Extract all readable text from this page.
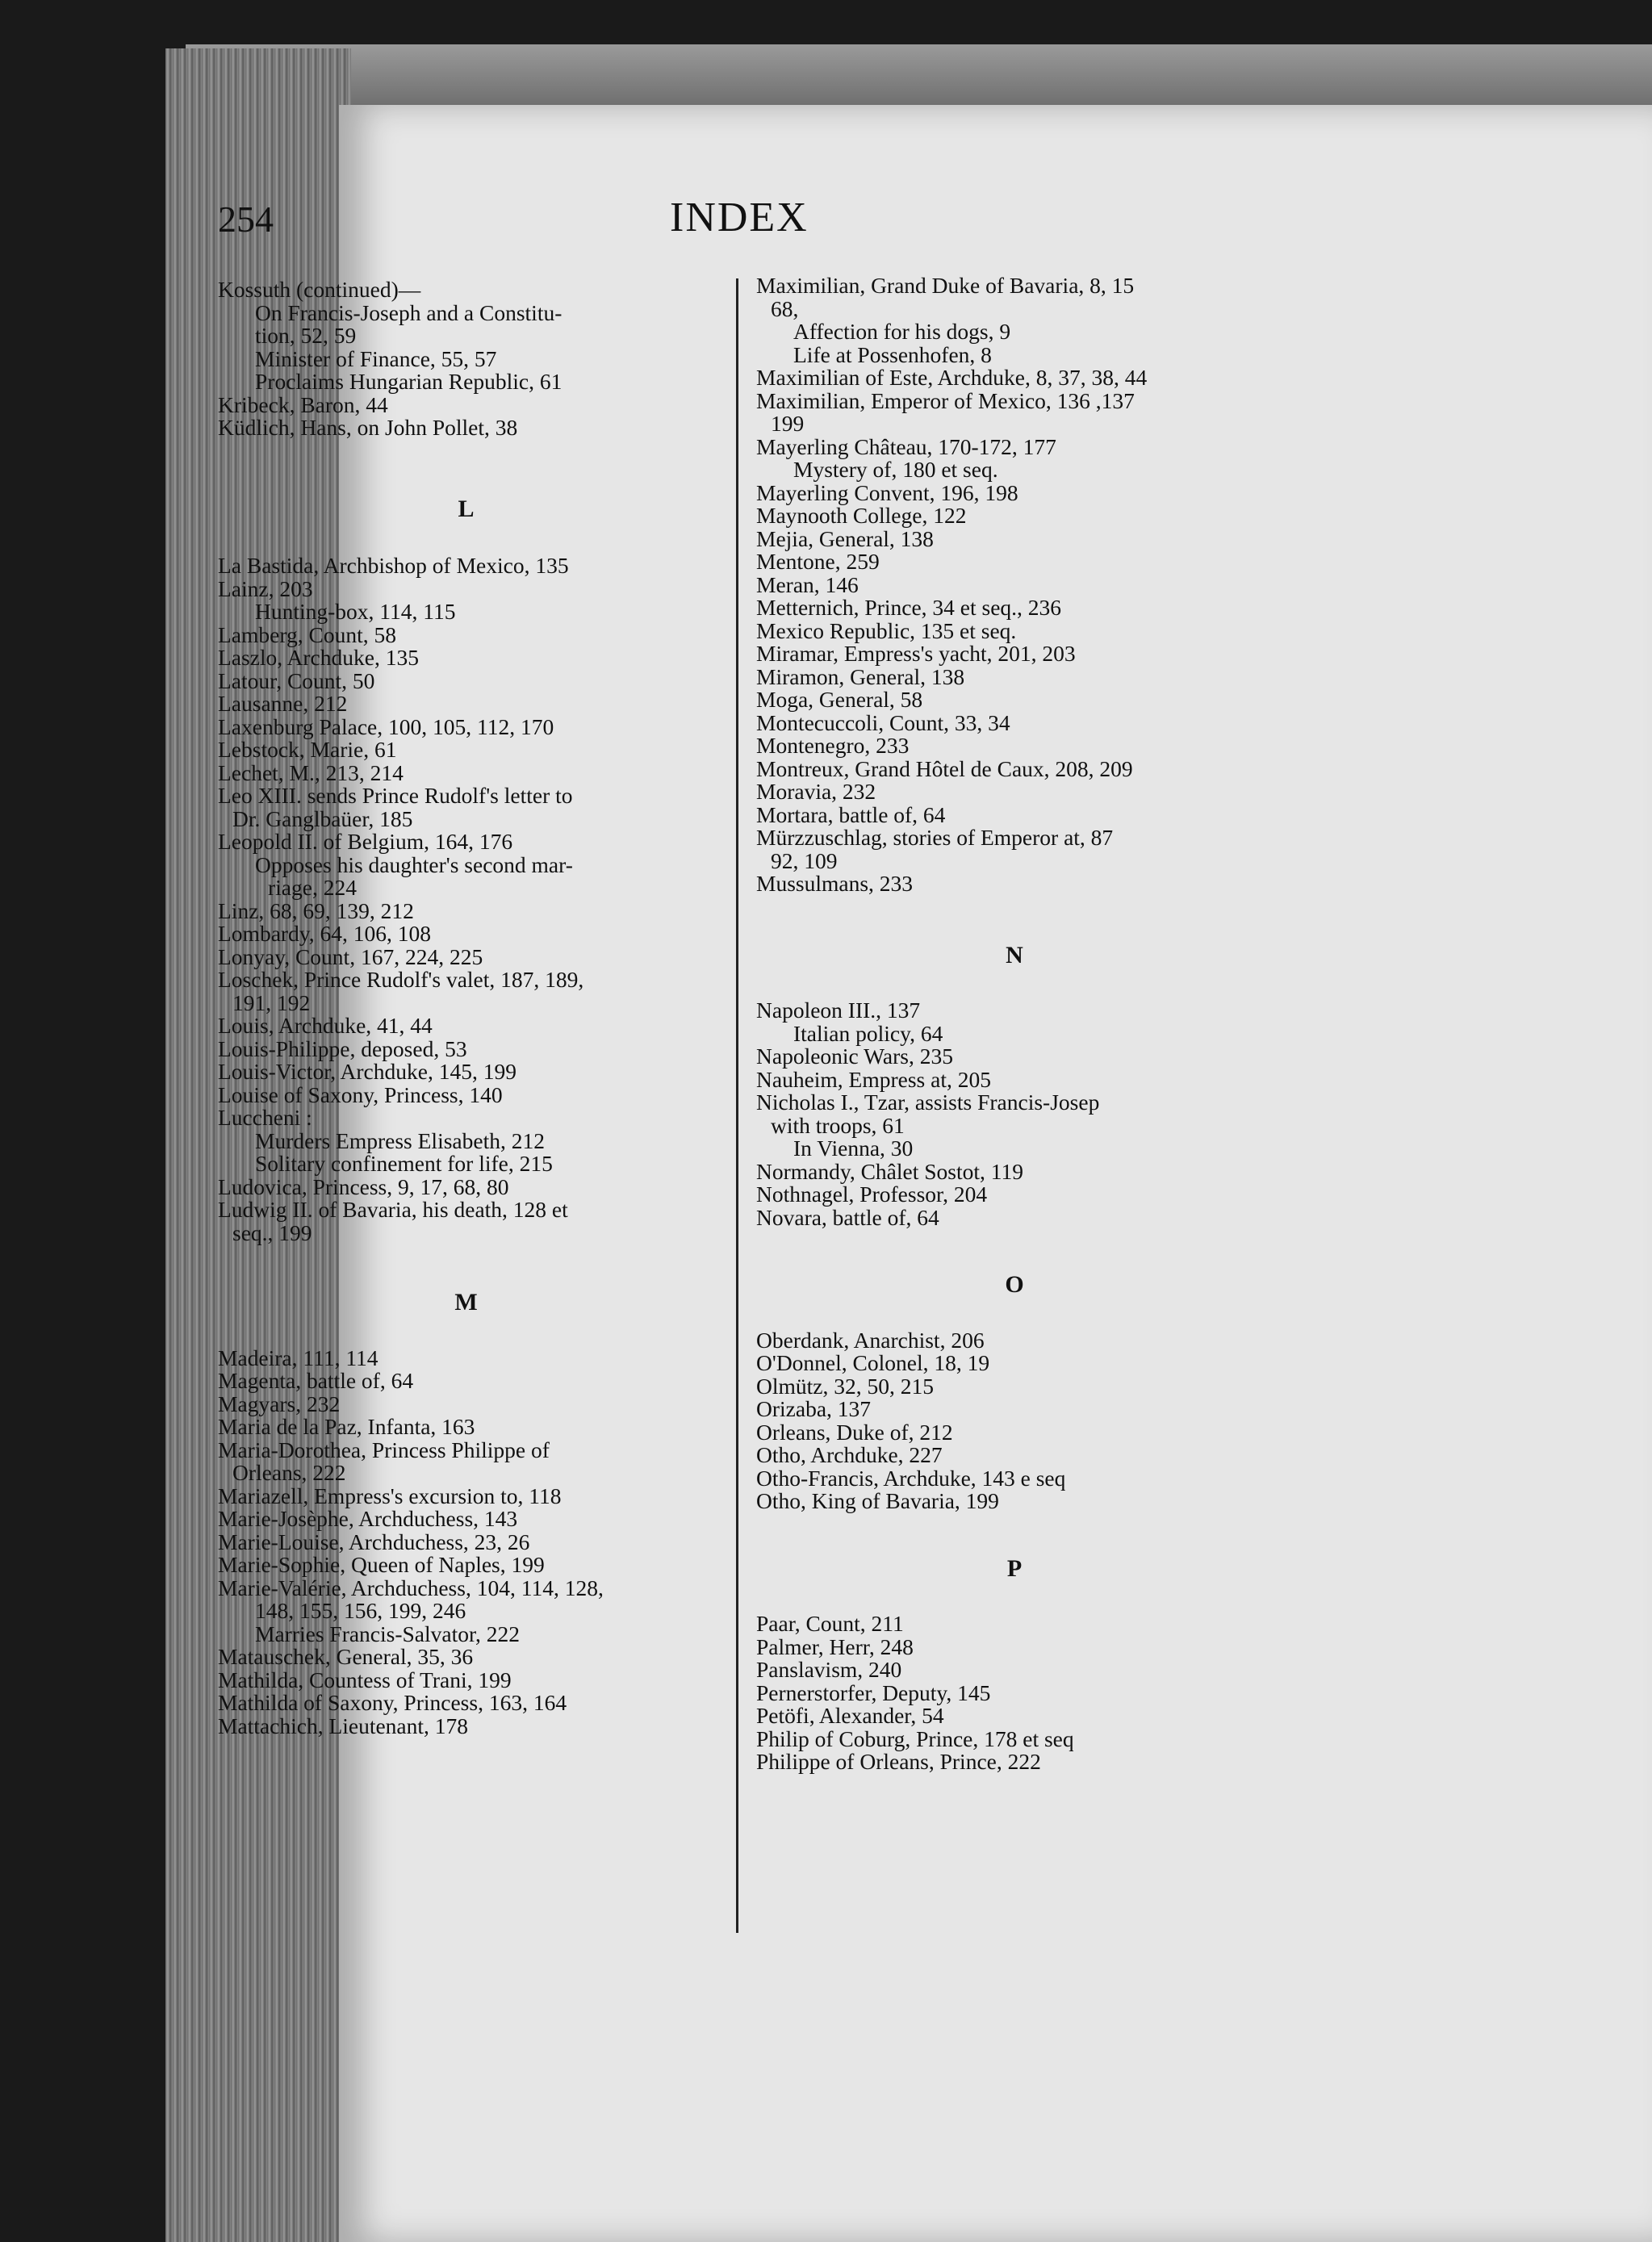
254	INDEX

Kossuth (continued)—

On Francis-Joseph and a Constitu-

tion, 52, 59

Minister of Finance, 55, 57

Proclaims Hungarian Republic, 61

Kribeck, Baron, 44

Küdlich, Hans, on John Pollet, 38

L

La Bastida, Archbishop of Mexico, 135

Lainz, 203

Hunting-box, 114, 115

Lamberg, Count, 58

Laszlo, Archduke, 135

Latour, Count, 50

Lausanne, 212

Laxenburg Palace, 100, 105, 112, 170

Lebstock, Marie, 61

Lechet, M., 213, 214

Leo XIII. sends Prince Rudolf's letter to

Dr. Ganglbaüer, 185

Leopold II. of Belgium, 164, 176

Opposes his daughter's second mar-

riage, 224

Linz, 68, 69, 139, 212

Lombardy, 64, 106, 108

Lonyay, Count, 167, 224, 225

Loschek, Prince Rudolf's valet, 187, 189,

191, 192

Louis, Archduke, 41, 44

Louis-Philippe, deposed, 53

Louis-Victor, Archduke, 145, 199

Louise of Saxony, Princess, 140

Luccheni :

Murders Empress Elisabeth, 212

Solitary confinement for life, 215

Ludovica, Princess, 9, 17, 68, 80

Ludwig II. of Bavaria, his death, 128 et

seq., 199

M

Madeira, 111, 114

Magenta, battle of, 64

Magyars, 232

Maria de la Paz, Infanta, 163

Maria-Dorothea, Princess Philippe of

Orleans, 222

Mariazell, Empress's excursion to, 118

Marie-Josèphe, Archduchess, 143

Marie-Louise, Archduchess, 23, 26

Marie-Sophie, Queen of Naples, 199

Marie-Valérie, Archduchess, 104, 114, 128,

148, 155, 156, 199, 246

Marries Francis-Salvator, 222

Matauschek, General, 35, 36

Mathilda, Countess of Trani, 199

Mathilda of Saxony, Princess, 163, 164

Mattachich, Lieutenant, 178

Maximilian, Grand Duke of Bavaria, 8, 15

68,

Affection for his dogs, 9

Life at Possenhofen, 8

Maximilian of Este, Archduke, 8, 37, 38, 44

Maximilian, Emperor of Mexico, 136 ,137

199

Mayerling Château, 170-172, 177

Mystery of, 180 et seq.

Mayerling Convent, 196, 198

Maynooth College, 122

Mejia, General, 138

Mentone, 259

Meran, 146

Metternich, Prince, 34 et seq., 236

Mexico Republic, 135 et seq.

Miramar, Empress's yacht, 201, 203

Miramon, General, 138

Moga, General, 58

Montecuccoli, Count, 33, 34

Montenegro, 233

Montreux, Grand Hôtel de Caux, 208, 209

Moravia, 232

Mortara, battle of, 64

Mürzzuschlag, stories of Emperor at, 87

92, 109

Mussulmans, 233

N

Napoleon III., 137

Italian policy, 64

Napoleonic Wars, 235

Nauheim, Empress at, 205

Nicholas I., Tzar, assists Francis-Josep

with troops, 61

In Vienna, 30

Normandy, Châlet Sostot, 119

Nothnagel, Professor, 204

Novara, battle of, 64

O

Oberdank, Anarchist, 206

O'Donnel, Colonel, 18, 19

Olmütz, 32, 50, 215

Orizaba, 137

Orleans, Duke of, 212

Otho, Archduke, 227

Otho-Francis, Archduke, 143 e seq

Otho, King of Bavaria, 199

P

Paar, Count, 211

Palmer, Herr, 248

Panslavism, 240

Pernerstorfer, Deputy, 145

Petöfi, Alexander, 54

Philip of Coburg, Prince, 178 et seq

Philippe of Orleans, Prince, 222
